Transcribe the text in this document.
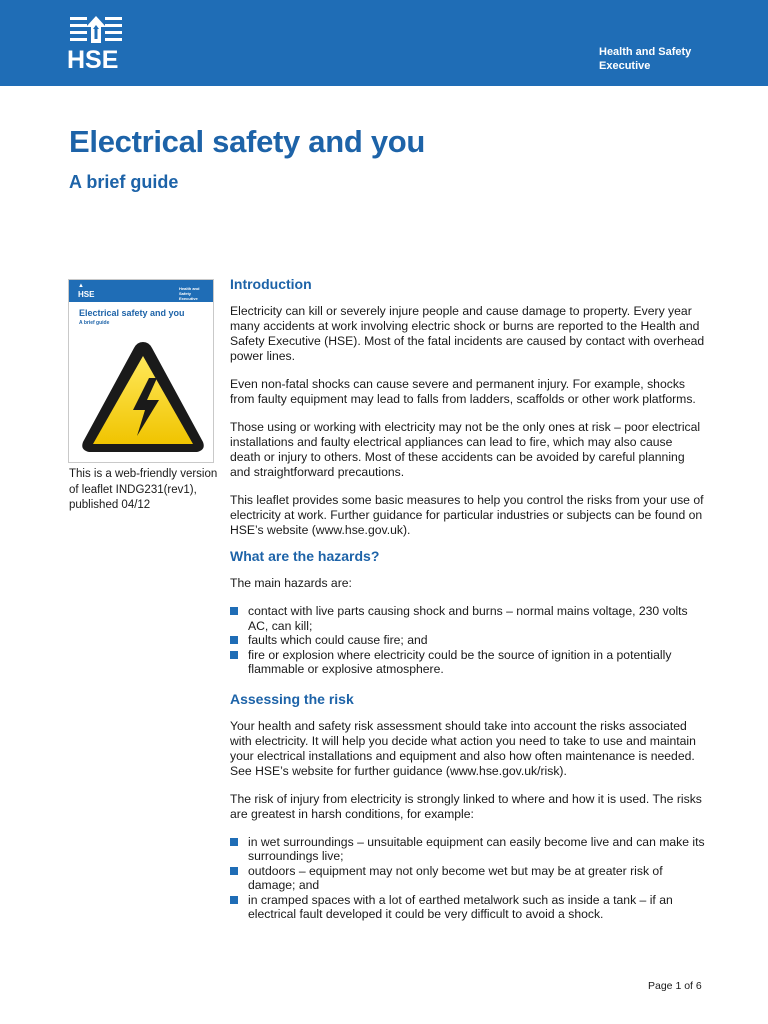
HSE	Health and Safety Executive
Electrical safety and you
A brief guide
▲
HSE
Health and Safety Executive
Electrical safety and you
A brief guide

This is a web-friendly version of leaflet INDG231(rev1), published 04/12

Introduction

Electricity can kill or severely injure people and cause damage to property. Every year many accidents at work involving electric shock or burns are reported to the Health and Safety Executive (HSE). Most of the fatal incidents are caused by contact with overhead power lines.

Even non-fatal shocks can cause severe and permanent injury. For example, shocks from faulty equipment may lead to falls from ladders, scaffolds or other work platforms.

Those using or working with electricity may not be the only ones at risk – poor electrical installations and faulty electrical appliances can lead to fire, which may also cause death or injury to others. Most of these accidents can be avoided by careful planning and straightforward precautions.

This leaflet provides some basic measures to help you control the risks from your use of electricity at work. Further guidance for particular industries or subjects can be found on HSE’s website (www.hse.gov.uk).

What are the hazards?

The main hazards are:

contact with live parts causing shock and burns – normal mains voltage, 230 volts AC, can kill;
faults which could cause fire; and
fire or explosion where electricity could be the source of ignition in a potentially flammable or explosive atmosphere.
Assessing the risk

Your health and safety risk assessment should take into account the risks associated with electricity. It will help you decide what action you need to take to use and maintain your electrical installations and equipment and also how often maintenance is needed. See HSE’s website for further guidance (www.hse.gov.uk/risk).

The risk of injury from electricity is strongly linked to where and how it is used. The risks are greatest in harsh conditions, for example:

in wet surroundings – unsuitable equipment can easily become live and can make its surroundings live;
outdoors – equipment may not only become wet but may be at greater risk of damage; and
in cramped spaces with a lot of earthed metalwork such as inside a tank – if an electrical fault developed it could be very difficult to avoid a shock.
Page 1 of 6
